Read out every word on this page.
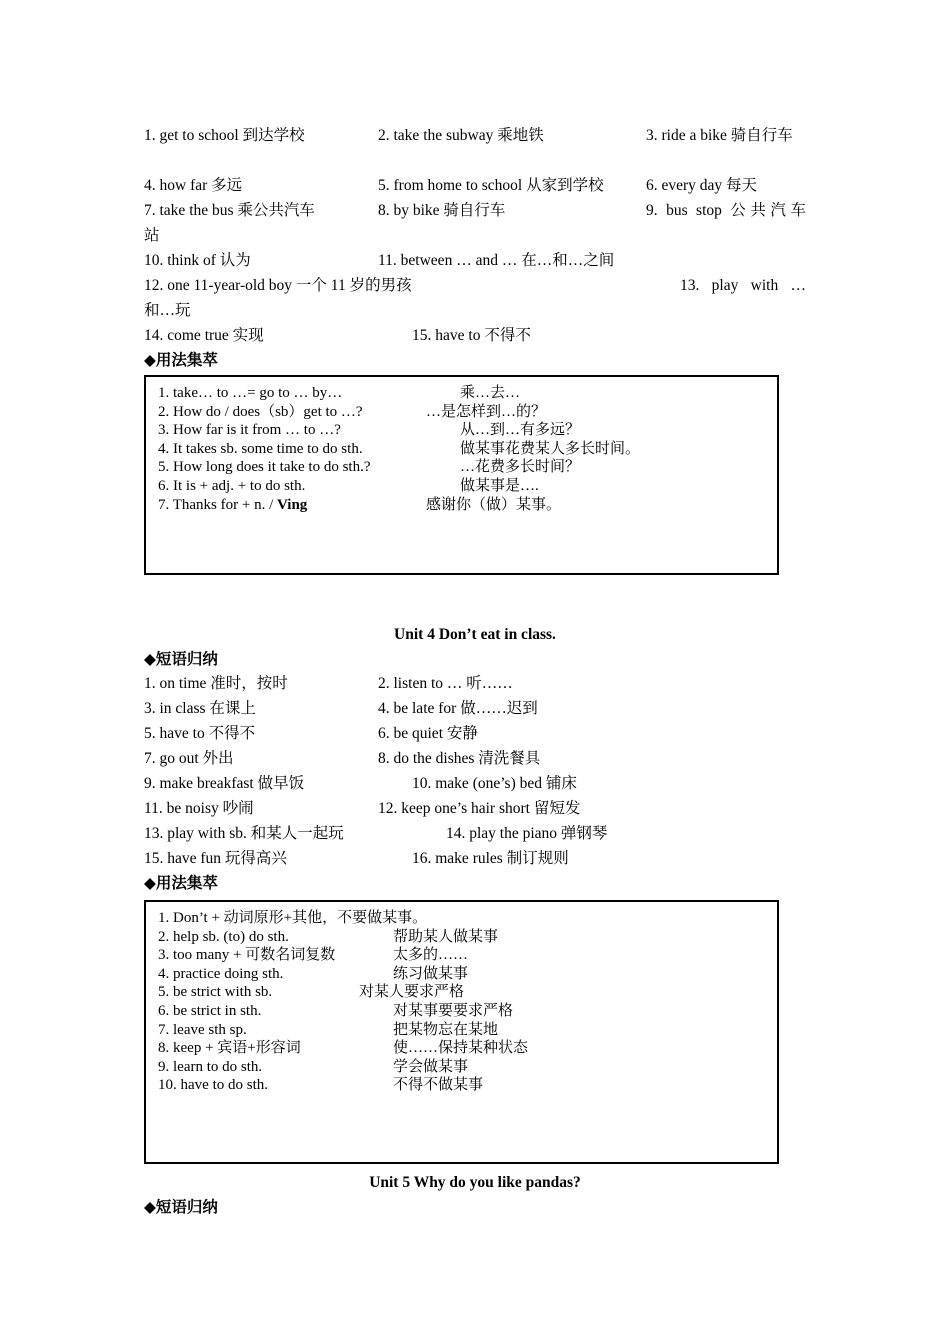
1. get to school 到达学校	2. take the subway 乘地铁	3. ride a bike 骑自行车
4. how far 多远	5. from home to school 从家到学校	6. every day 每天
7. take the bus 乘公共汽车	8. by bike 骑自行车	9. bus stop 公共汽车
站
10. think of 认为	11. between … and … 在…和…之间
12. one 11-year-old boy 一个 11 岁的男孩	13. play with …
和…玩
14. come true 实现	15. have to 不得不
◆用法集萃
1. take… to …= go to … by…	乘…去…
2. How do / does（sb）get to …?	…是怎样到…的？
3. How far is it from … to …?	从…到…有多远？
4. It takes sb. some time to do sth.	做某事花费某人多长时间。
5. How long does it take to do sth.?	…花费多长时间？
6. It is + adj. + to do sth.	做某事是….
7. Thanks for + n. / Ving	感谢你（做）某事。
Unit 4 Don’t eat in class.
◆短语归纳
1. on time 准时，按时	2. listen to … 听……
3. in class 在课上	4. be late for 做……迟到
5. have to 不得不	6. be quiet 安静
7. go out 外出	8. do the dishes 清洗餐具
9. make breakfast 做早饭	10. make (one’s) bed 铺床
11. be noisy 吵闹	12. keep one’s hair short 留短发
13. play with sb. 和某人一起玩	14. play the piano 弹钢琴
15. have fun 玩得高兴	16. make rules 制订规则
◆用法集萃
1. Don’t + 动词原形+其他，不要做某事。
2. help sb. (to) do sth.	帮助某人做某事
3. too many + 可数名词复数	太多的……
4. practice doing sth.	练习做某事
5. be strict with sb.	对某人要求严格
6. be strict in sth.	对某事要要求严格
7. leave sth sp.	把某物忘在某地
8. keep + 宾语+形容词	使……保持某种状态
9. learn to do sth.	学会做某事
10. have to do sth.	不得不做某事
Unit 5 Why do you like pandas?
◆短语归纳
